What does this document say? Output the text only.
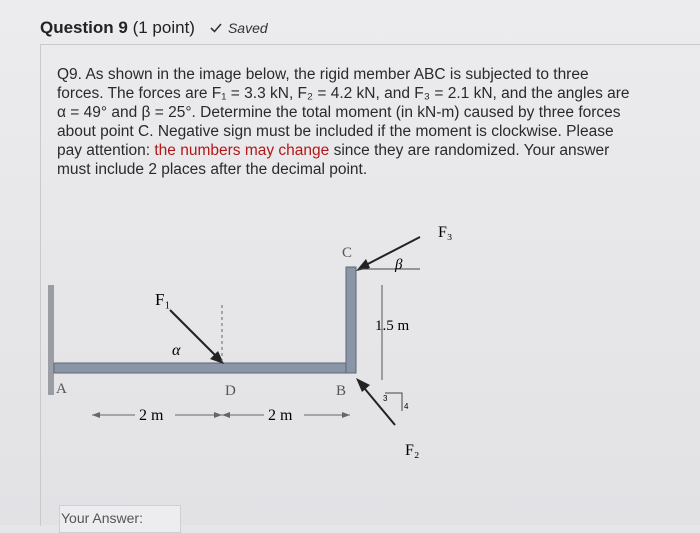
Question 9 (1 point) Saved
Q9. As shown in the image below, the rigid member ABC is subjected to three
forces. The forces are F₁ = 3.3 kN, F₂ = 4.2 kN, and F₃ = 2.1 kN, and the angles are
α = 49° and β = 25°. Determine the total moment (in kN-m) caused by three forces
about point C. Negative sign must be included if the moment is clockwise. Please
pay attention: the numbers may change since they are randomized. Your answer
must include 2 places after the decimal point.
Your Answer:
F₁
α
F₃
β
C
1.5 m
3
4
F₂
B
A	D
2 m	2 m
